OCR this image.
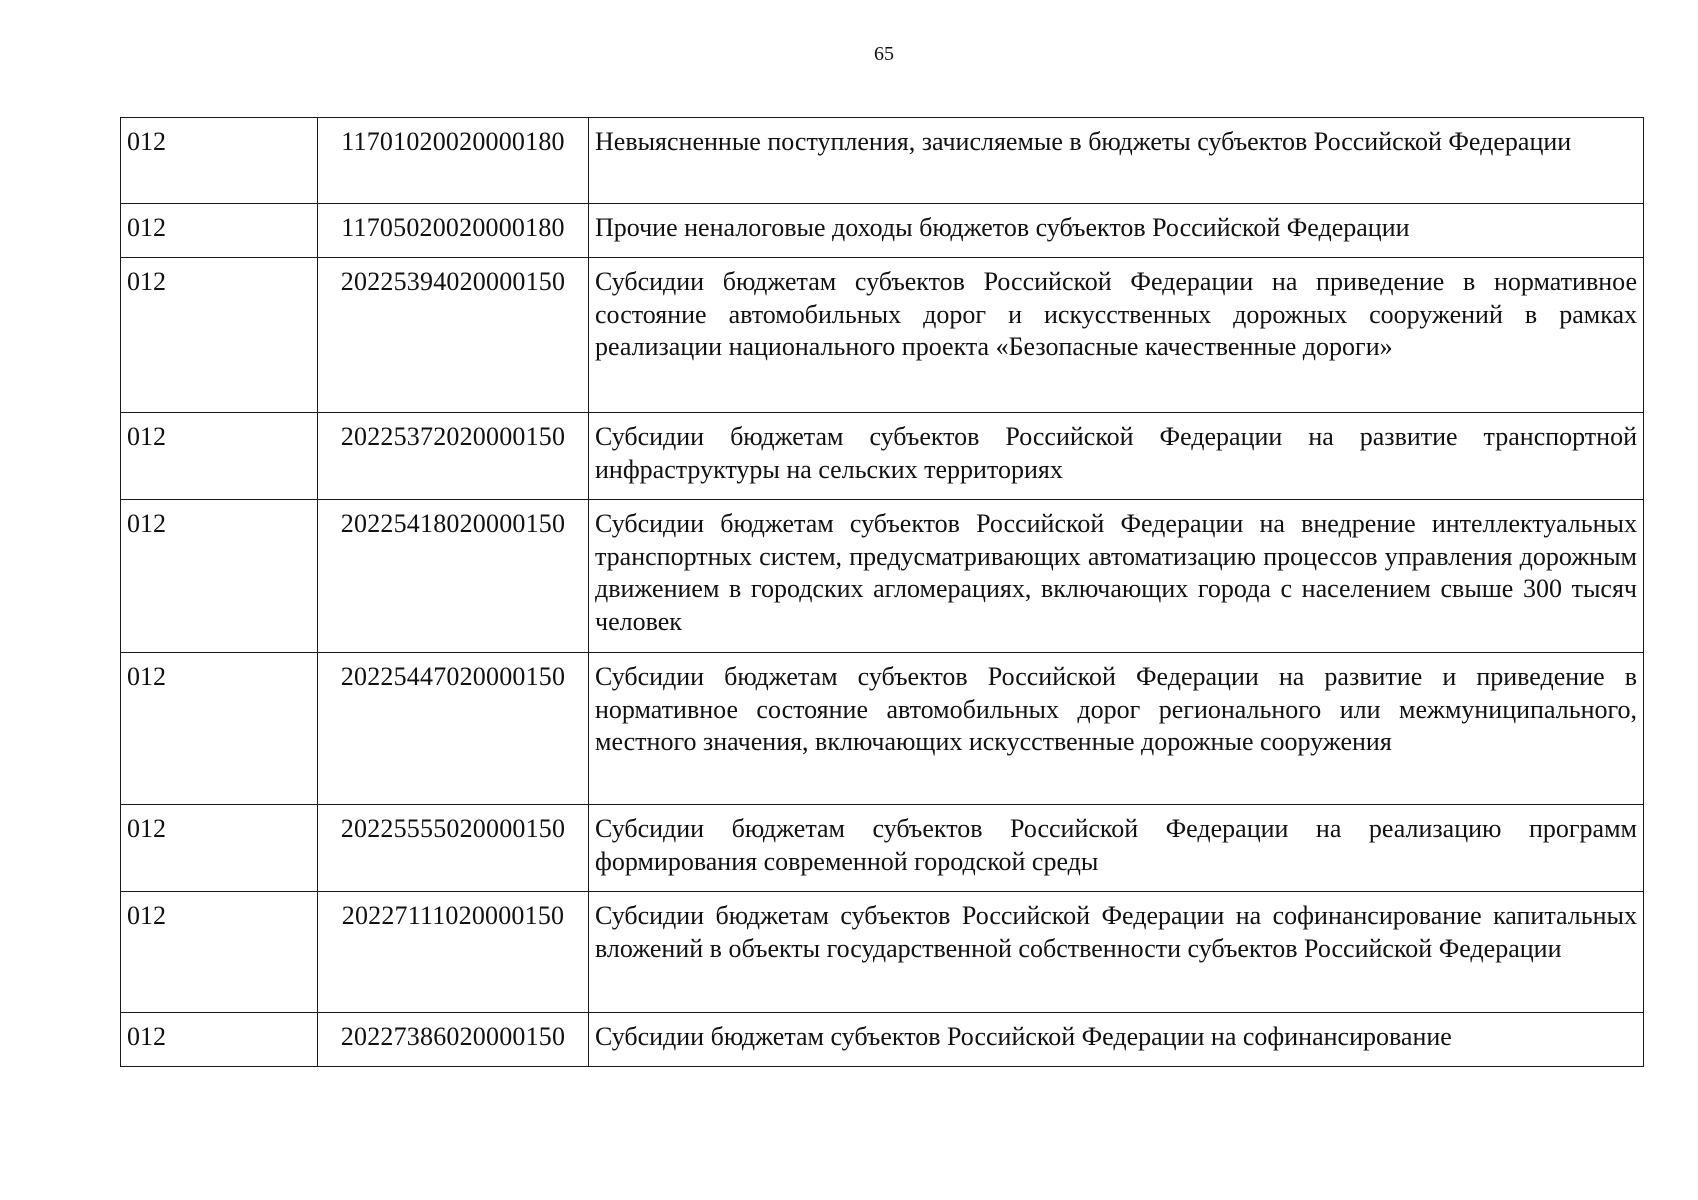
65
012	11701020020000180	Невыясненные поступления, зачисляемые в бюджеты субъектов Российской Федерации

012	11705020020000180	Прочие неналоговые доходы бюджетов субъектов Российской Федерации

012	20225394020000150	Субсидии бюджетам субъектов Российской Федерации на приведение в нормативное состояние автомобильных дорог и искусственных дорожных сооружений в рамках реализации национального проекта «Безопасные качественные дороги»

012	20225372020000150	Субсидии бюджетам субъектов Российской Федерации на развитие транспортной инфраструктуры на сельских территориях

012	20225418020000150	Субсидии бюджетам субъектов Российской Федерации на внедрение интеллектуальных транспортных систем, предусматривающих автоматизацию процессов управления дорожным движением в городских агломерациях, включающих города с населением свыше 300 тысяч человек

012	20225447020000150	Субсидии бюджетам субъектов Российской Федерации на развитие и приведение в нормативное состояние автомобильных дорог регионального или межмуниципального, местного значения, включающих искусственные дорожные сооружения

012	20225555020000150	Субсидии бюджетам субъектов Российской Федерации на реализацию программ формирования современной городской среды

012	20227111020000150	Субсидии бюджетам субъектов Российской Федерации на софинансирование капитальных вложений в объекты государственной собственности субъектов Российской Федерации

012	20227386020000150	Субсидии бюджетам субъектов Российской Федерации на софинансирование
